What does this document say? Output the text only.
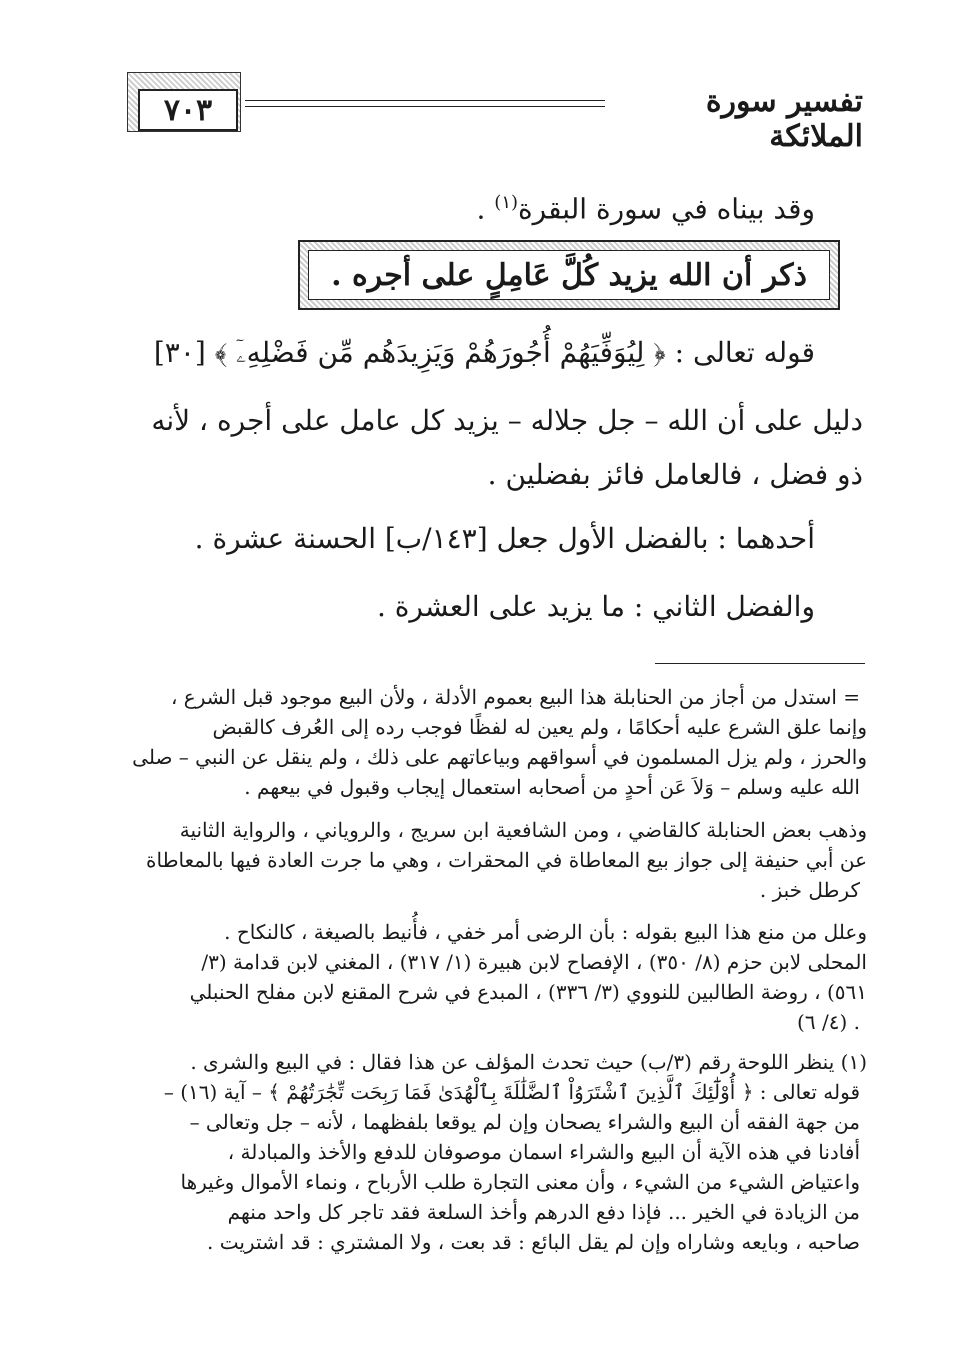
٧٠٣	تفسير سورة الملائكة
وقد بيناه في سورة البقرة$^{(١)}$ .
ذكر أن الله يزيد كُلَّ عَامِلٍ على أجره .
قوله تعالى : ﴿ لِيُوَفِّيَهُمْ أُجُورَهُمْ وَيَزِيدَهُم مِّن فَضْلِهِۦٓ ﴾ [٣٠]
دليل على أن الله – جل جلاله – يزيد كل عامل على أجره ، لأنه
ذو فضل ، فالعامل فائز بفضلين .
أحدهما : بالفضل الأول جعل [١٤٣/ب] الحسنة عشرة .
والفضل الثاني : ما يزيد على العشرة .
= استدل من أجاز من الحنابلة هذا البيع بعموم الأدلة ، ولأن البيع موجود قبل الشرع ،
وإنما علق الشرع عليه أحكامًا ، ولم يعين له لفظًا فوجب رده إلى العُرف كالقبض
والحرز ، ولم يزل المسلمون في أسواقهم وبياعاتهم على ذلك ، ولم ينقل عن النبي – صلى
الله عليه وسلم – وَلاَ عَن أحدٍ من أصحابه استعمال إيجاب وقبول في بيعهم .
وذهب بعض الحنابلة كالقاضي ، ومن الشافعية ابن سريج ، والروياني ، والرواية الثانية
عن أبي حنيفة إلى جواز بيع المعاطاة في المحقرات ، وهي ما جرت العادة فيها بالمعاطاة
كرطل خبز .
وعلل من منع هذا البيع بقوله : بأن الرضى أمر خفي ، فأُنيط بالصيغة ، كالنكاح .
المحلى لابن حزم (٨/ ٣٥٠) ، الإفصاح لابن هبيرة (١/ ٣١٧) ، المغني لابن قدامة (٣/
٥٦١) ، روضة الطالبين للنووي (٣/ ٣٣٦) ، المبدع في شرح المقنع لابن مفلح الحنبلي
(٤/ ٦) .
(١) ينظر اللوحة رقم (٣/ب) حيث تحدث المؤلف عن هذا فقال : في البيع والشرى .
قوله تعالى : ﴿ أُوْلَٰٓئِكَ ٱلَّذِينَ ٱشْتَرَوُاْ ٱلضَّلَٰلَةَ بِٱلْهُدَىٰ فَمَا رَبِحَت تِّجَٰرَتُهُمْ ﴾ – آية (١٦) –
من جهة الفقه أن البيع والشراء يصحان وإن لم يوقعا بلفظهما ، لأنه – جل وتعالى –
أفادنا في هذه الآية أن البيع والشراء اسمان موصوفان للدفع والأخذ والمبادلة ،
واعتياض الشيء من الشيء ، وأن معنى التجارة طلب الأرباح ، ونماء الأموال وغيرها
من الزيادة في الخير ... فإذا دفع الدرهم وأخذ السلعة فقد تاجر كل واحد منهم
صاحبه ، وبايعه وشاراه وإن لم يقل البائع : قد بعت ، ولا المشتري : قد اشتريت .
